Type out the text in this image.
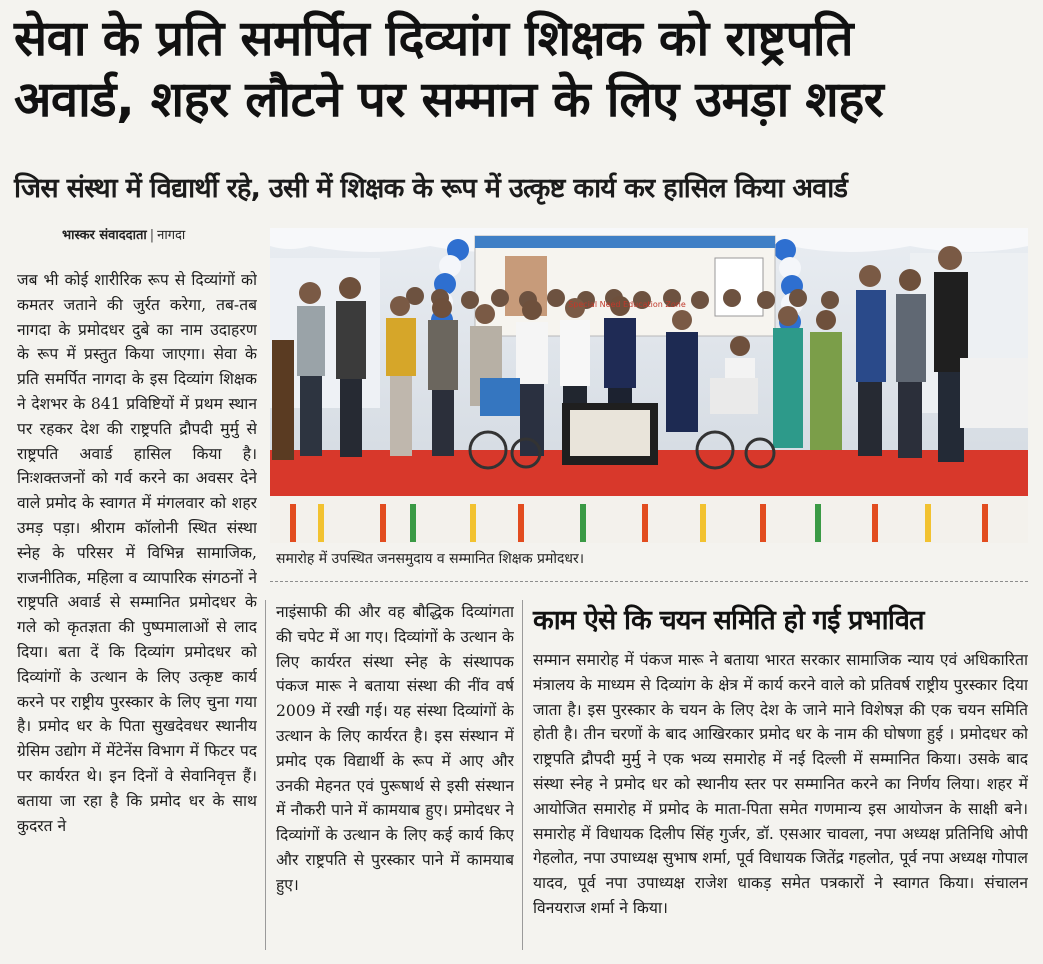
सेवा के प्रति समर्पित दिव्यांग शिक्षक को राष्ट्रपति
अवार्ड, शहर लौटने पर सम्मान के लिए उमड़ा शहर
जिस संस्था में विद्यार्थी रहे, उसी में शिक्षक के रूप में उत्कृष्ट कार्य कर हासिल किया अवार्ड
भास्कर संवाददाता | नागदा

जब भी कोई शारीरिक रूप से दिव्यांगों को कमतर जताने की जुर्रत करेगा, तब-तब नागदा के प्रमोदधर दुबे का नाम उदाहरण के रूप में प्रस्तुत किया जाएगा। सेवा के प्रति समर्पित नागदा के इस दिव्यांग शिक्षक ने देशभर के 841 प्रविष्टियों में प्रथम स्थान पर रहकर देश की राष्ट्रपति द्रौपदी मुर्मु से राष्ट्रपति अवार्ड हासिल किया है। निःशक्तजनों को गर्व करने का अवसर देने वाले प्रमोद के स्वागत में मंगलवार को शहर उमड़ पड़ा। श्रीराम कॉलोनी स्थित संस्था स्नेह के परिसर में विभिन्न सामाजिक, राजनीतिक, महिला व व्यापारिक संगठनों ने राष्ट्रपति अवार्ड से सम्मानित प्रमोदधर के गले को कृतज्ञता की पुष्पमालाओं से लाद दिया। बता दें कि दिव्यांग प्रमोदधर को दिव्यांगों के उत्थान के लिए उत्कृष्ट कार्य करने पर राष्ट्रीय पुरस्कार के लिए चुना गया है। प्रमोद धर के पिता सुखदेवधर स्थानीय ग्रेसिम उद्योग में मेंटेनेंस विभाग में फिटर पद पर कार्यरत थे। इन दिनों वे सेवानिवृत्त हैं। बताया जा रहा है कि प्रमोद धर के साथ कुदरत ने

Special Need Education Zone
समारोह में उपस्थित जनसमुदाय व सम्मानित शिक्षक प्रमोदधर।

नाइंसाफी की और वह बौद्धिक दिव्यांगता की चपेट में आ गए। दिव्यांगों के उत्थान के लिए कार्यरत संस्था स्नेह के संस्थापक पंकज मारू ने बताया संस्था की नींव वर्ष 2009 में रखी गई। यह संस्था दिव्यांगों के उत्थान के लिए कार्यरत है। इस संस्थान में प्रमोद एक विद्यार्थी के रूप में आए और उनकी मेहनत एवं पुरूषार्थ से इसी संस्थान में नौकरी पाने में कामयाब हुए। प्रमोदधर ने दिव्यांगों के उत्थान के लिए कई कार्य किए और राष्ट्रपति से पुरस्कार पाने में कामयाब हुए।

काम ऐसे कि चयन समिति हो गई प्रभावित

सम्मान समारोह में पंकज मारू ने बताया भारत सरकार सामाजिक न्याय एवं अधिकारिता मंत्रालय के माध्यम से दिव्यांग के क्षेत्र में कार्य करने वाले को प्रतिवर्ष राष्ट्रीय पुरस्कार दिया जाता है। इस पुरस्कार के चयन के लिए देश के जाने माने विशेषज्ञ की एक चयन समिति होती है। तीन चरणों के बाद आखिरकार प्रमोद धर के नाम की घोषणा हुई । प्रमोदधर को राष्ट्रपति द्रौपदी मुर्मु ने एक भव्य समारोह में नई दिल्ली में सम्मानित किया। उसके बाद संस्था स्नेह ने प्रमोद धर को स्थानीय स्तर पर सम्मानित करने का निर्णय लिया। शहर में आयोजित समारोह में प्रमोद के माता-पिता समेत गणमान्य इस आयोजन के साक्षी बने। समारोह में विधायक दिलीप सिंह गुर्जर, डॉ. एसआर चावला, नपा अध्यक्ष प्रतिनिधि ओपी गेहलोत, नपा उपाध्यक्ष सुभाष शर्मा, पूर्व विधायक जितेंद्र गहलोत, पूर्व नपा अध्यक्ष गोपाल यादव, पूर्व नपा उपाध्यक्ष राजेश धाकड़ समेत पत्रकारों ने स्वागत किया। संचालन विनयराज शर्मा ने किया।
